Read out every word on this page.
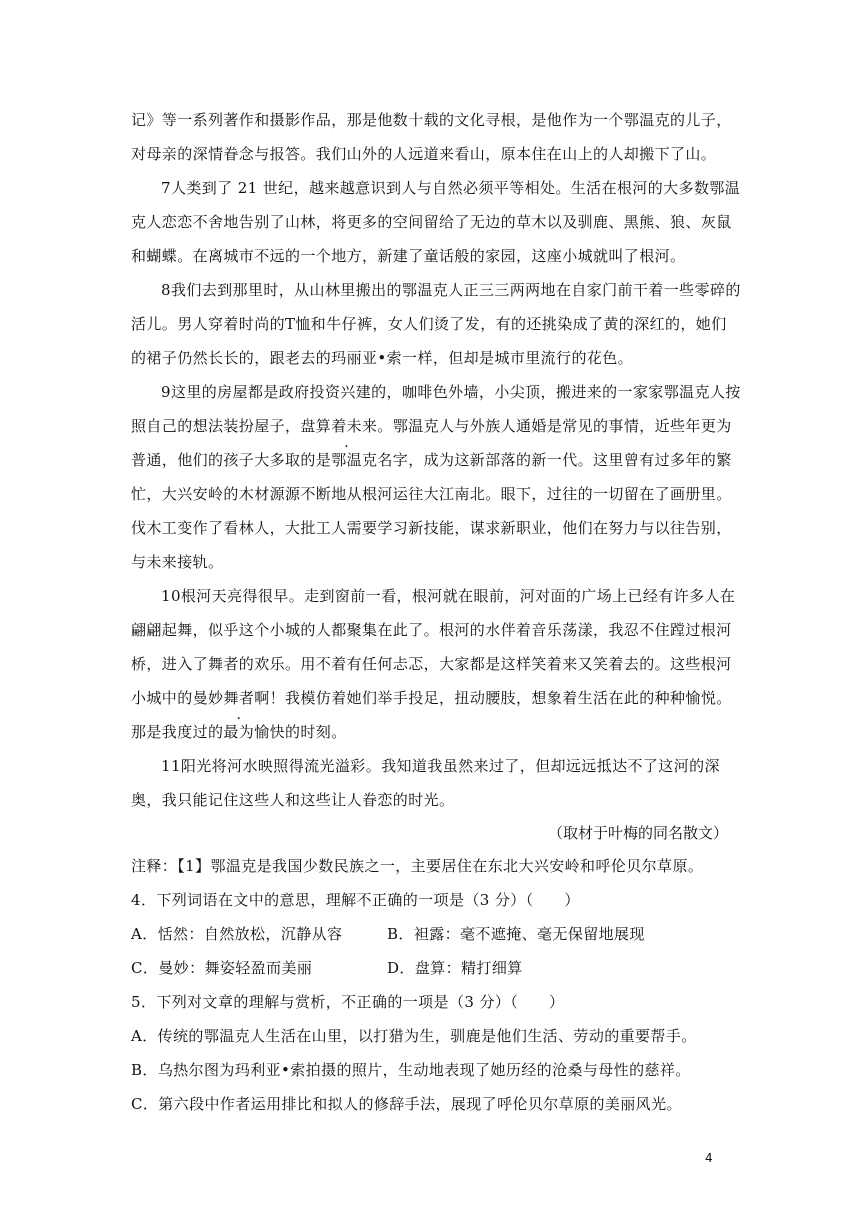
记》等一系列著作和摄影作品，那是他数十载的文化寻根，是他作为一个鄂温克的儿子，对母亲的深情眷念与报答。我们山外的人远道来看山，原本住在山上的人却搬下了山。

7人类到了 21 世纪，越来越意识到人与自然必须平等相处。生活在根河的大多数鄂温克人恋恋不舍地告别了山林，将更多的空间留给了无边的草木以及驯鹿、黑熊、狼、灰鼠和蝴蝶。在离城市不远的一个地方，新建了童话般的家园，这座小城就叫了根河。

8我们去到那里时，从山林里搬出的鄂温克人正三三两两地在自家门前干着一些零碎的活儿。男人穿着时尚的T恤和牛仔裤，女人们烫了发，有的还挑染成了黄的深红的，她们的裙子仍然长长的，跟老去的玛丽亚•索一样，但却是城市里流行的花色。

9这里的房屋都是政府投资兴建的，咖啡色外墙，小尖顶，搬进来的一家家鄂温克人按照自己的想法装扮屋子，盘算 ·着未来。鄂温克人与外族人通婚是常见的事情，近些年更为普通，他们的孩子大多取的是鄂温克名字，成为这新部落的新一代。这里曾有过多年的繁忙，大兴安岭的木材源源不断地从根河运往大江南北。眼下，过往的一切留在了画册里。伐木工变作了看林人，大批工人需要学习新技能，谋求新职业，他们在努力与以往告别，与未来接轨。

10根河天亮得很早。走到窗前一看，根河就在眼前，河对面的广场上已经有许多人在翩翩起舞，似乎这个小城的人都聚集在此了。根河的水伴着音乐荡漾，我忍不住蹚过根河桥，进入了舞者的欢乐。用不着有任何忐忑，大家都是这样笑着来又笑着去的。这些根河小城中的曼妙 ·舞者啊！我模仿着她们举手投足，扭动腰肢，想象着生活在此的种种愉悦。那是我度过的最为愉快的时刻。

11阳光将河水映照得流光溢彩。我知道我虽然来过了，但却远远抵达不了这河的深奥，我只能记住这些人和这些让人眷恋的时光。

（取材于叶梅的同名散文）
注释：【1】鄂温克是我国少数民族之一，主要居住在东北大兴安岭和呼伦贝尔草原。
4．下列词语在文中的意思，理解不正确的一项是（3 分）（　　）
A．恬然：自然放松，沉静从容	B．袒露：毫不遮掩、毫无保留地展现
C．曼妙：舞姿轻盈而美丽	D．盘算：精打细算
5．下列对文章的理解与赏析，不正确的一项是（3 分）（　　）
A．传统的鄂温克人生活在山里，以打猎为生，驯鹿是他们生活、劳动的重要帮手。
B．乌热尔图为玛利亚•索拍摄的照片，生动地表现了她历经的沧桑与母性的慈祥。
C．第六段中作者运用排比和拟人的修辞手法，展现了呼伦贝尔草原的美丽风光。
4
